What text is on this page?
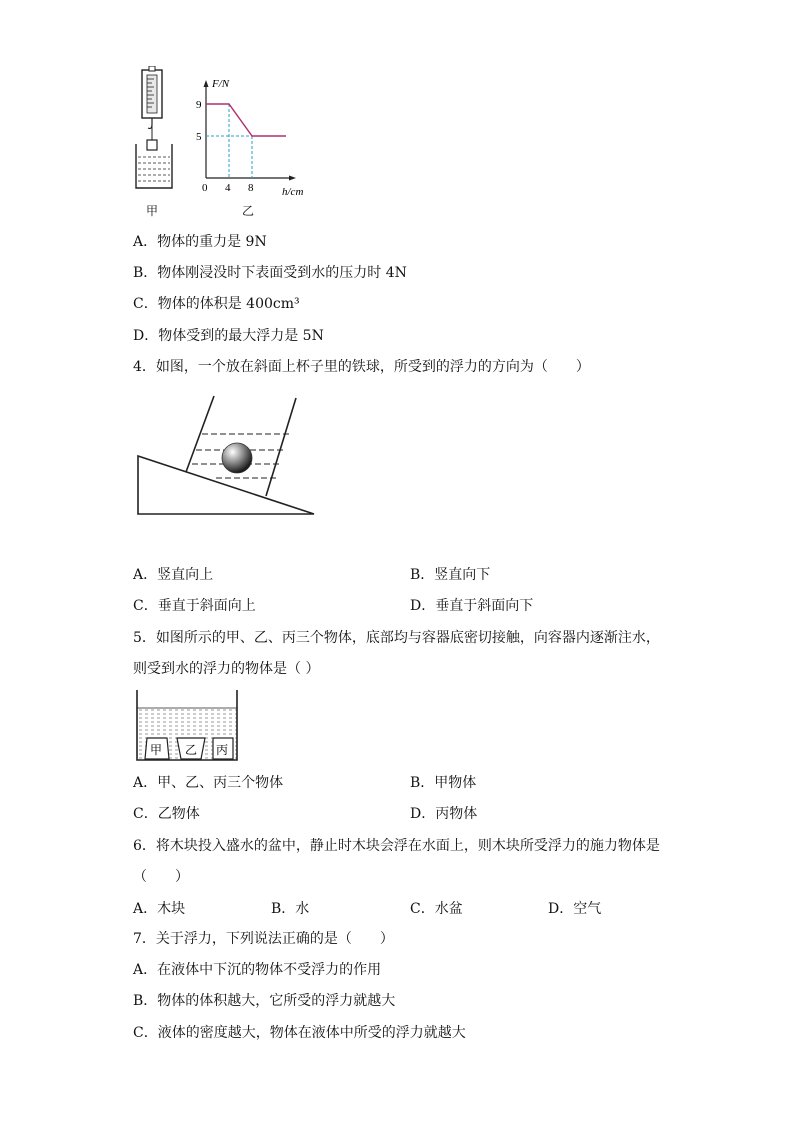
甲
F/N
9
5
0 4 8	h/cm
乙
A．物体的重力是 9N
B．物体刚浸没时下表面受到水的压力时 4N
C．物体的体积是 400cm³
D．物体受到的最大浮力是 5N
4．如图，一个放在斜面上杯子里的铁球，所受到的浮力的方向为（　　）
A．竖直向上	B．竖直向下
C．垂直于斜面向上	D．垂直于斜面向下
5．如图所示的甲、乙、丙三个物体，底部均与容器底密切接触，向容器内逐渐注水，
则受到水的浮力的物体是（ ）
甲 乙 丙
A．甲、乙、丙三个物体	B．甲物体
C．乙物体	D．丙物体
6．将木块投入盛水的盆中，静止时木块会浮在水面上，则木块所受浮力的施力物体是
（　　）
A．木块	B．水	C．水盆	D．空气
7．关于浮力，下列说法正确的是（　　）
A．在液体中下沉的物体不受浮力的作用
B．物体的体积越大，它所受的浮力就越大
C．液体的密度越大，物体在液体中所受的浮力就越大
